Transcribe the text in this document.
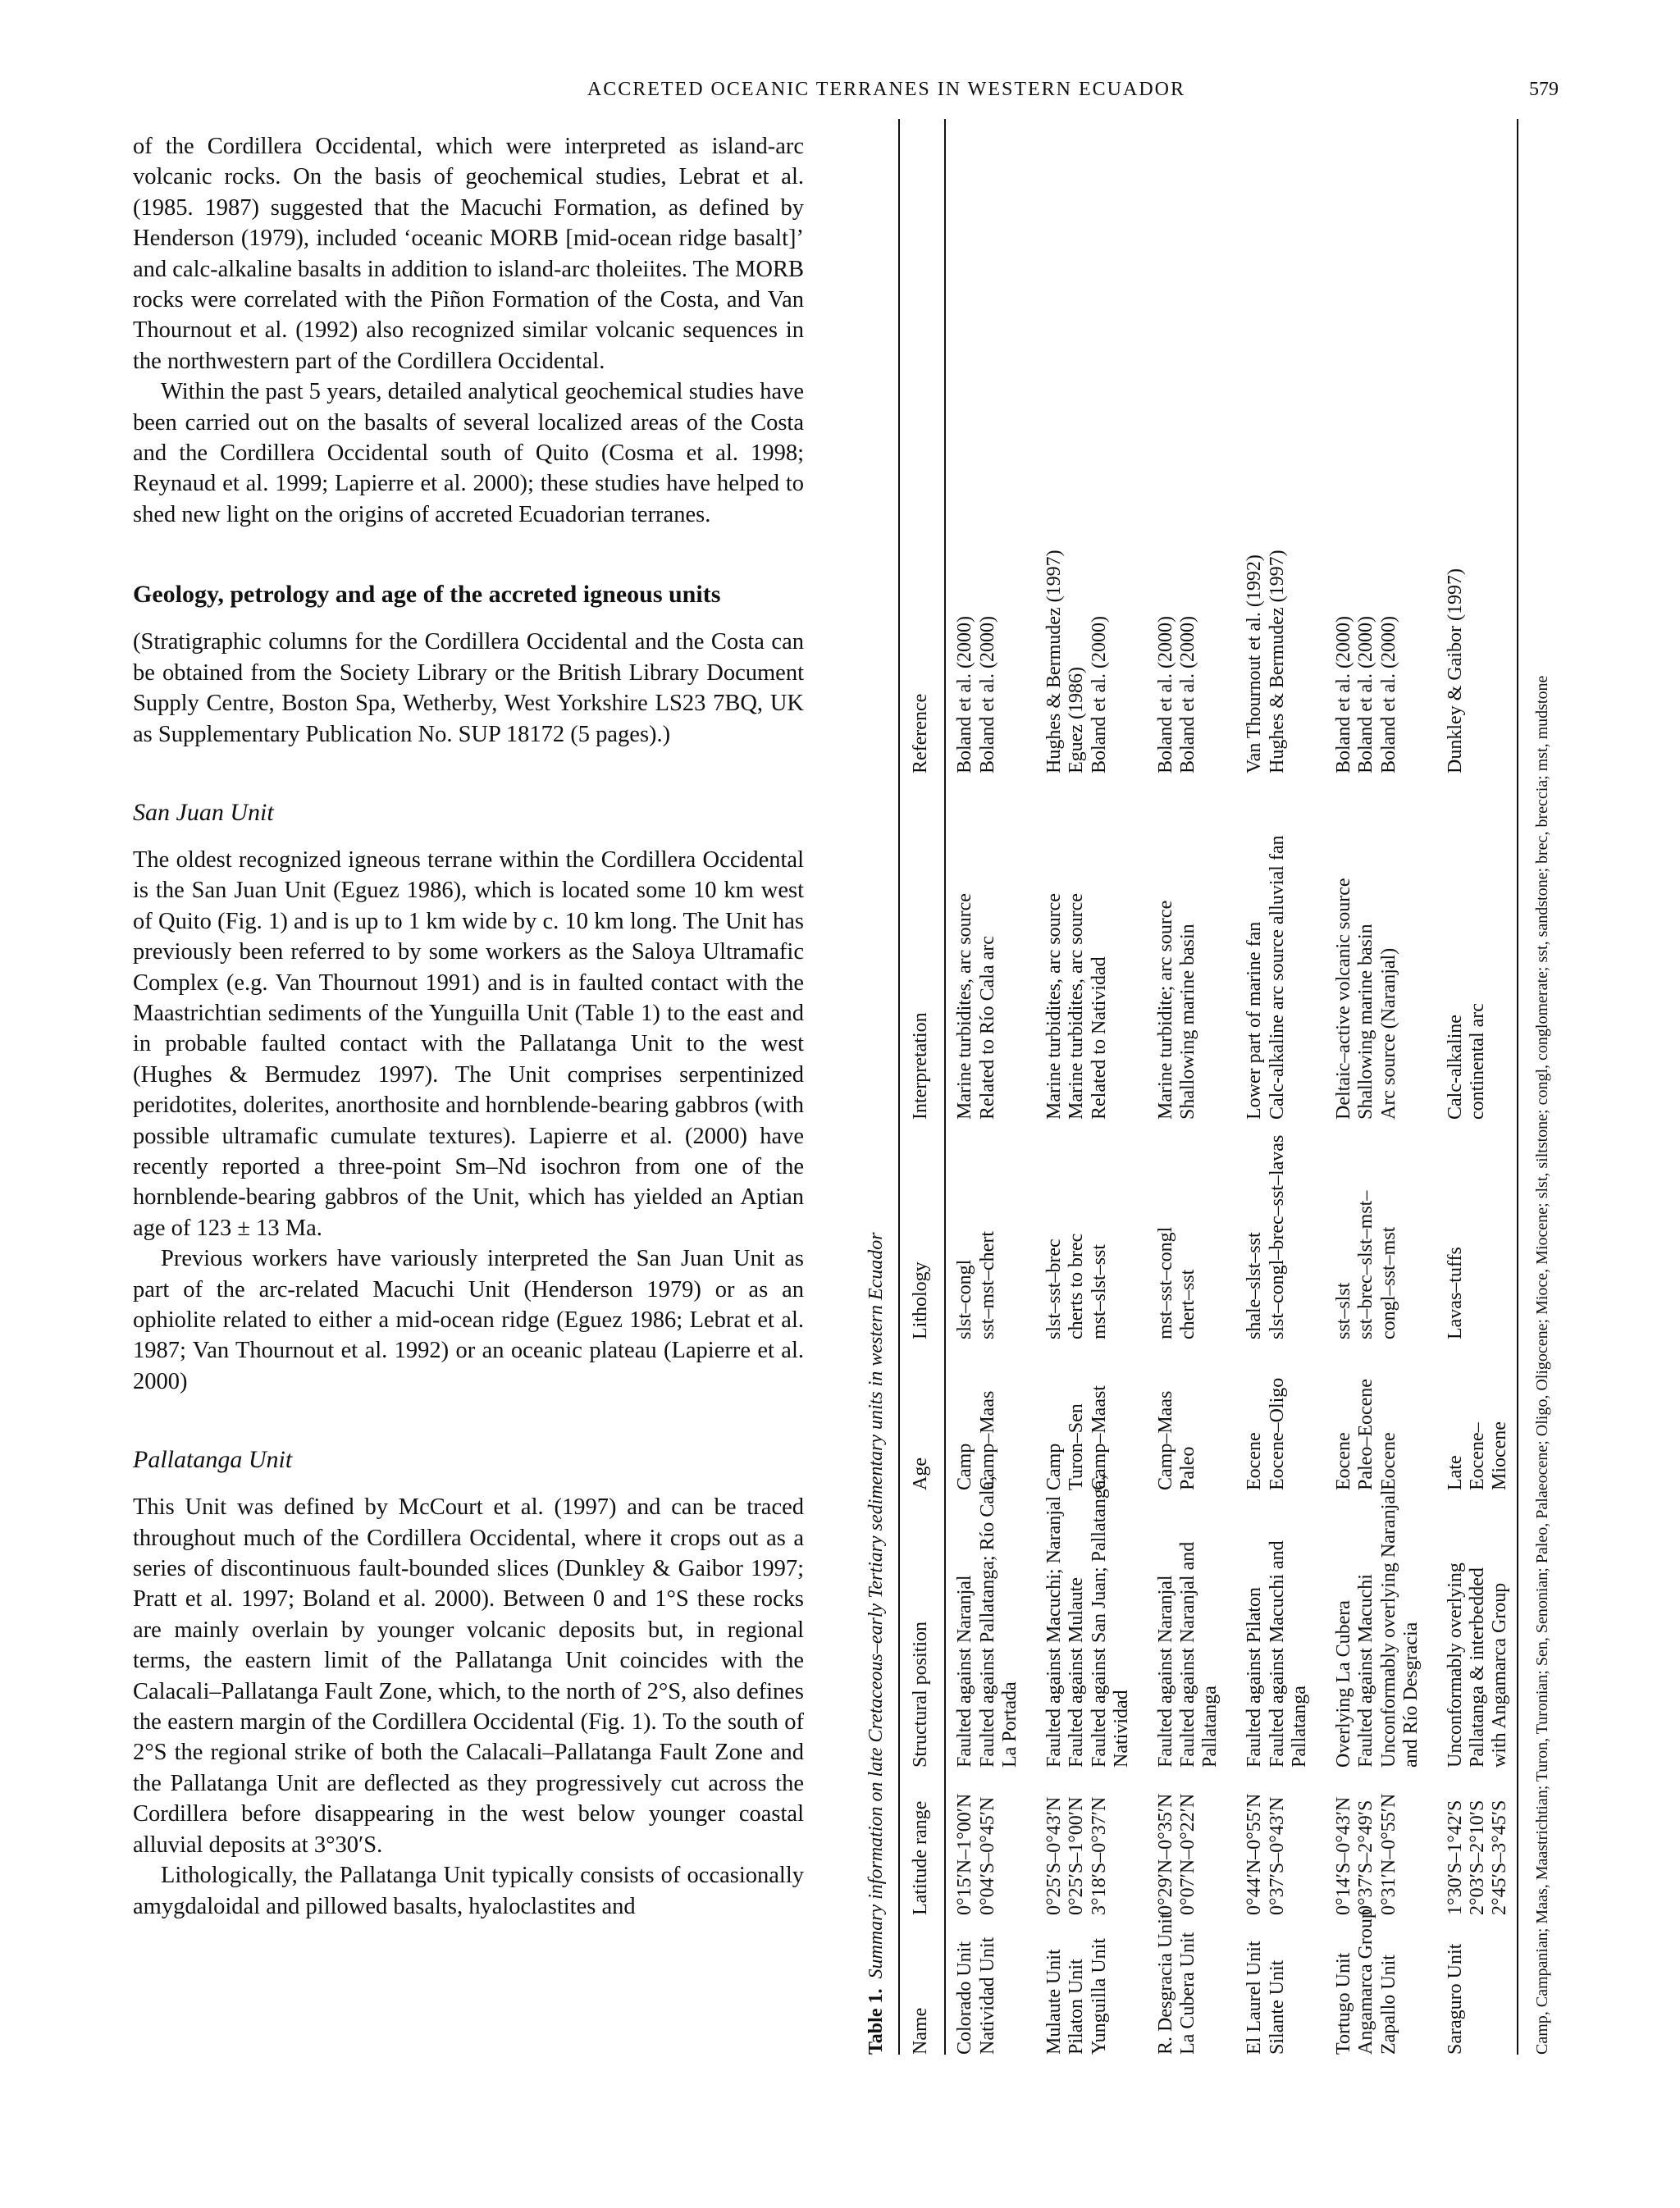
ACCRETED OCEANIC TERRANES IN WESTERN ECUADOR	579

of the Cordillera Occidental, which were interpreted as island-arc volcanic rocks. On the basis of geochemical studies, Lebrat et al. (1985. 1987) suggested that the Macuchi Formation, as defined by Henderson (1979), included ‘oceanic MORB [mid-ocean ridge basalt]’ and calc-alkaline basalts in addition to island-arc tholeiites. The MORB rocks were correlated with the Piñon Formation of the Costa, and Van Thournout et al. (1992) also recognized similar volcanic sequences in the northwestern part of the Cordillera Occidental.

Within the past 5 years, detailed analytical geochemical studies have been carried out on the basalts of several localized areas of the Costa and the Cordillera Occidental south of Quito (Cosma et al. 1998; Reynaud et al. 1999; Lapierre et al. 2000); these studies have helped to shed new light on the origins of accreted Ecuadorian terranes.

Geology, petrology and age of the accreted igneous units

(Stratigraphic columns for the Cordillera Occidental and the Costa can be obtained from the Society Library or the British Library Document Supply Centre, Boston Spa, Wetherby, West Yorkshire LS23 7BQ, UK as Supplementary Publication No. SUP 18172 (5 pages).)

San Juan Unit

The oldest recognized igneous terrane within the Cordillera Occidental is the San Juan Unit (Eguez 1986), which is located some 10 km west of Quito (Fig. 1) and is up to 1 km wide by c. 10 km long. The Unit has previously been referred to by some workers as the Saloya Ultramafic Complex (e.g. Van Thournout 1991) and is in faulted contact with the Maastrichtian sediments of the Yunguilla Unit (Table 1) to the east and in probable faulted contact with the Pallatanga Unit to the west (Hughes & Bermudez 1997). The Unit comprises serpentinized peridotites, dolerites, anorthosite and hornblende-bearing gabbros (with possible ultramafic cumulate textures). Lapierre et al. (2000) have recently reported a three-point Sm–Nd isochron from one of the hornblende-bearing gabbros of the Unit, which has yielded an Aptian age of 123 ± 13 Ma.

Previous workers have variously interpreted the San Juan Unit as part of the arc-related Macuchi Unit (Henderson 1979) or as an ophiolite related to either a mid-ocean ridge (Eguez 1986; Lebrat et al. 1987; Van Thournout et al. 1992) or an oceanic plateau (Lapierre et al. 2000)

Pallatanga Unit

This Unit was defined by McCourt et al. (1997) and can be traced throughout much of the Cordillera Occidental, where it crops out as a series of discontinuous fault-bounded slices (Dunkley & Gaibor 1997; Pratt et al. 1997; Boland et al. 2000). Between 0 and 1°S these rocks are mainly overlain by younger volcanic deposits but, in regional terms, the eastern limit of the Pallatanga Unit coincides with the Calacali–Pallatanga Fault Zone, which, to the north of 2°S, also defines the eastern margin of the Cordillera Occidental (Fig. 1). To the south of 2°S the regional strike of both the Calacali–Pallatanga Fault Zone and the Pallatanga Unit are deflected as they progressively cut across the Cordillera before disappearing in the west below younger coastal alluvial deposits at 3°30′S.

Lithologically, the Pallatanga Unit typically consists of occasionally amygdaloidal and pillowed basalts, hyaloclastites and

Table 1.  Summary information on late Cretaceous–early Tertiary sedimentary units in western Ecuador
Name
Latitude range
Structural position
Age
Lithology
Interpretation
Reference
Colorado Unit
0°15′N–1°00′N
Faulted against Naranjal
Camp
slst–congl
Marine turbidites, arc source
Boland et al. (2000)
Natividad Unit
0°04′S–0°45′N
Faulted against Pallatanga; Río Cala; La Portada
Camp–Maas
sst–mst–chert
Related to Río Cala arc
Boland et al. (2000)
Mulaute Unit
0°25′S–0°43′N
Faulted against Macuchi; Naranjal
Camp
slst–sst–brec
Marine turbidites, arc source
Hughes & Bermudez (1997)
Pilaton Unit
0°25′S–1°00′N
Faulted against Mulaute
Turon–Sen
cherts to brec
Marine turbidites, arc source
Eguez (1986)
Yunguilla Unit
3°18′S–0°37′N
Faulted against San Juan; Pallatanga; Natividad
Camp–Maast
mst–slst–sst
Related to Natividad
Boland et al. (2000)
R. Desgracia Unit
0°29′N–0°35′N
Faulted against Naranjal
Camp–Maas
mst–sst–congl
Marine turbidite; arc source
Boland et al. (2000)
La Cubera Unit
0°07′N–0°22′N
Faulted against Naranjal and Pallatanga
Paleo
chert–sst
Shallowing marine basin
Boland et al. (2000)
El Laurel Unit
0°44′N–0°55′N
Faulted against Pilaton
Eocene
shale–slst–sst
Lower part of marine fan
Van Thournout et al. (1992)
Silante Unit
0°37′S–0°43′N
Faulted against Macuchi and Pallatanga
Eocene–Oligo
slst–congl–brec–sst–lavas
Calc-alkaline arc source alluvial fan
Hughes & Bermudez (1997)
Tortugo Unit
0°14′S–0°43′N
Overlying La Cubera
Eocene
sst–slst
Deltaic–active volcanic source
Boland et al. (2000)
Angamarca Group
0°37′S–2°49′S
Faulted against Macuchi
Paleo–Eocene
sst–brec–slst–mst–
Shallowing marine basin
Boland et al. (2000)
Zapallo Unit
0°31′N–0°55′N
Unconformably overlying Naranjal and Río Desgracia
Eocene
congl–sst–mst
Arc source (Naranjal)
Boland et al. (2000)
Saraguro Unit
1°30′S–1°42′S 2°03′S–2°10′S 2°45′S–3°45′S
Unconformably overlying Pallatanga & interbedded with Angamarca Group
Late Eocene– Miocene
Lavas–tuffs
Calc-alkaline continental arc
Dunkley & Gaibor (1997)
Camp, Campanian; Maas, Maastrichtian; Turon, Turonian; Sen, Senonian; Paleo, Palaeocene; Oligo, Oligocene; Mioce, Miocene; slst, siltstone; congl, conglomerate; sst, sandstone; brec, breccia; mst, mudstone
